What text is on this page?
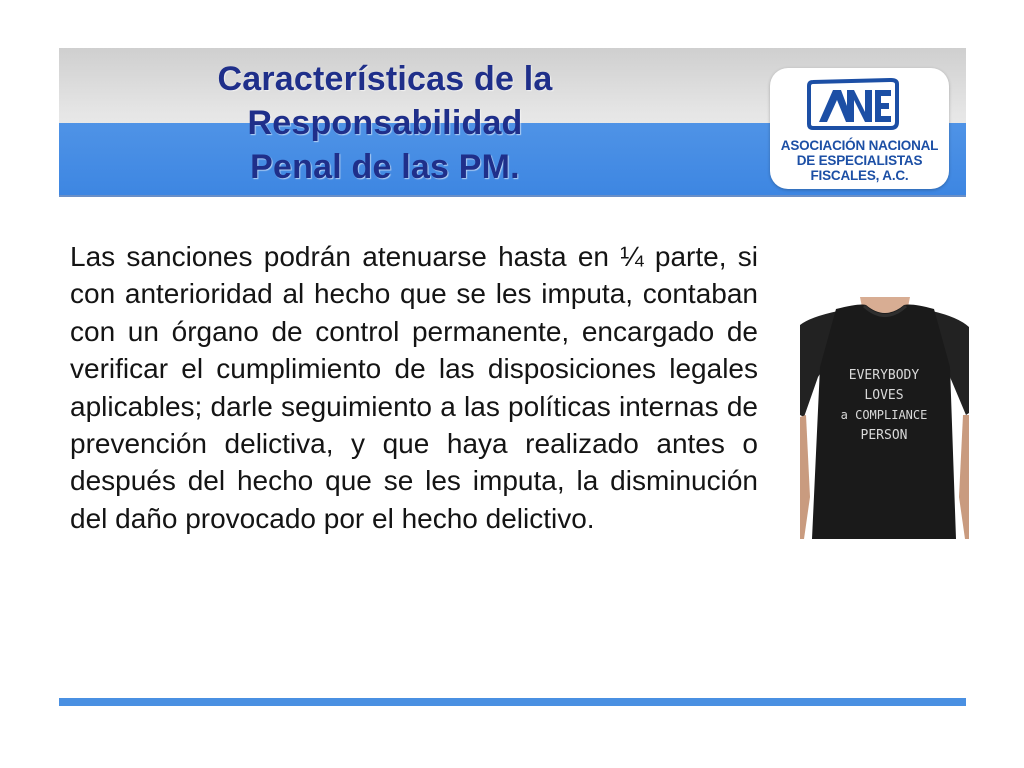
Características de la
Responsabilidad
Penal de las PM.
ASOCIACIÓN NACIONAL
DE ESPECIALISTAS
FISCALES, A.C.
Las sanciones podrán atenuarse hasta en ¼ parte, si con anterioridad al hecho que se les imputa, contaban con un órgano de control permanente, encargado de verificar el cumplimiento de las disposiciones legales aplicables; darle seguimiento a las políticas internas de prevención delictiva, y que haya realizado antes o después del hecho que se les imputa, la disminución del daño provocado por el hecho delictivo.
EVERYBODY
LOVES
a COMPLIANCE
PERSON
